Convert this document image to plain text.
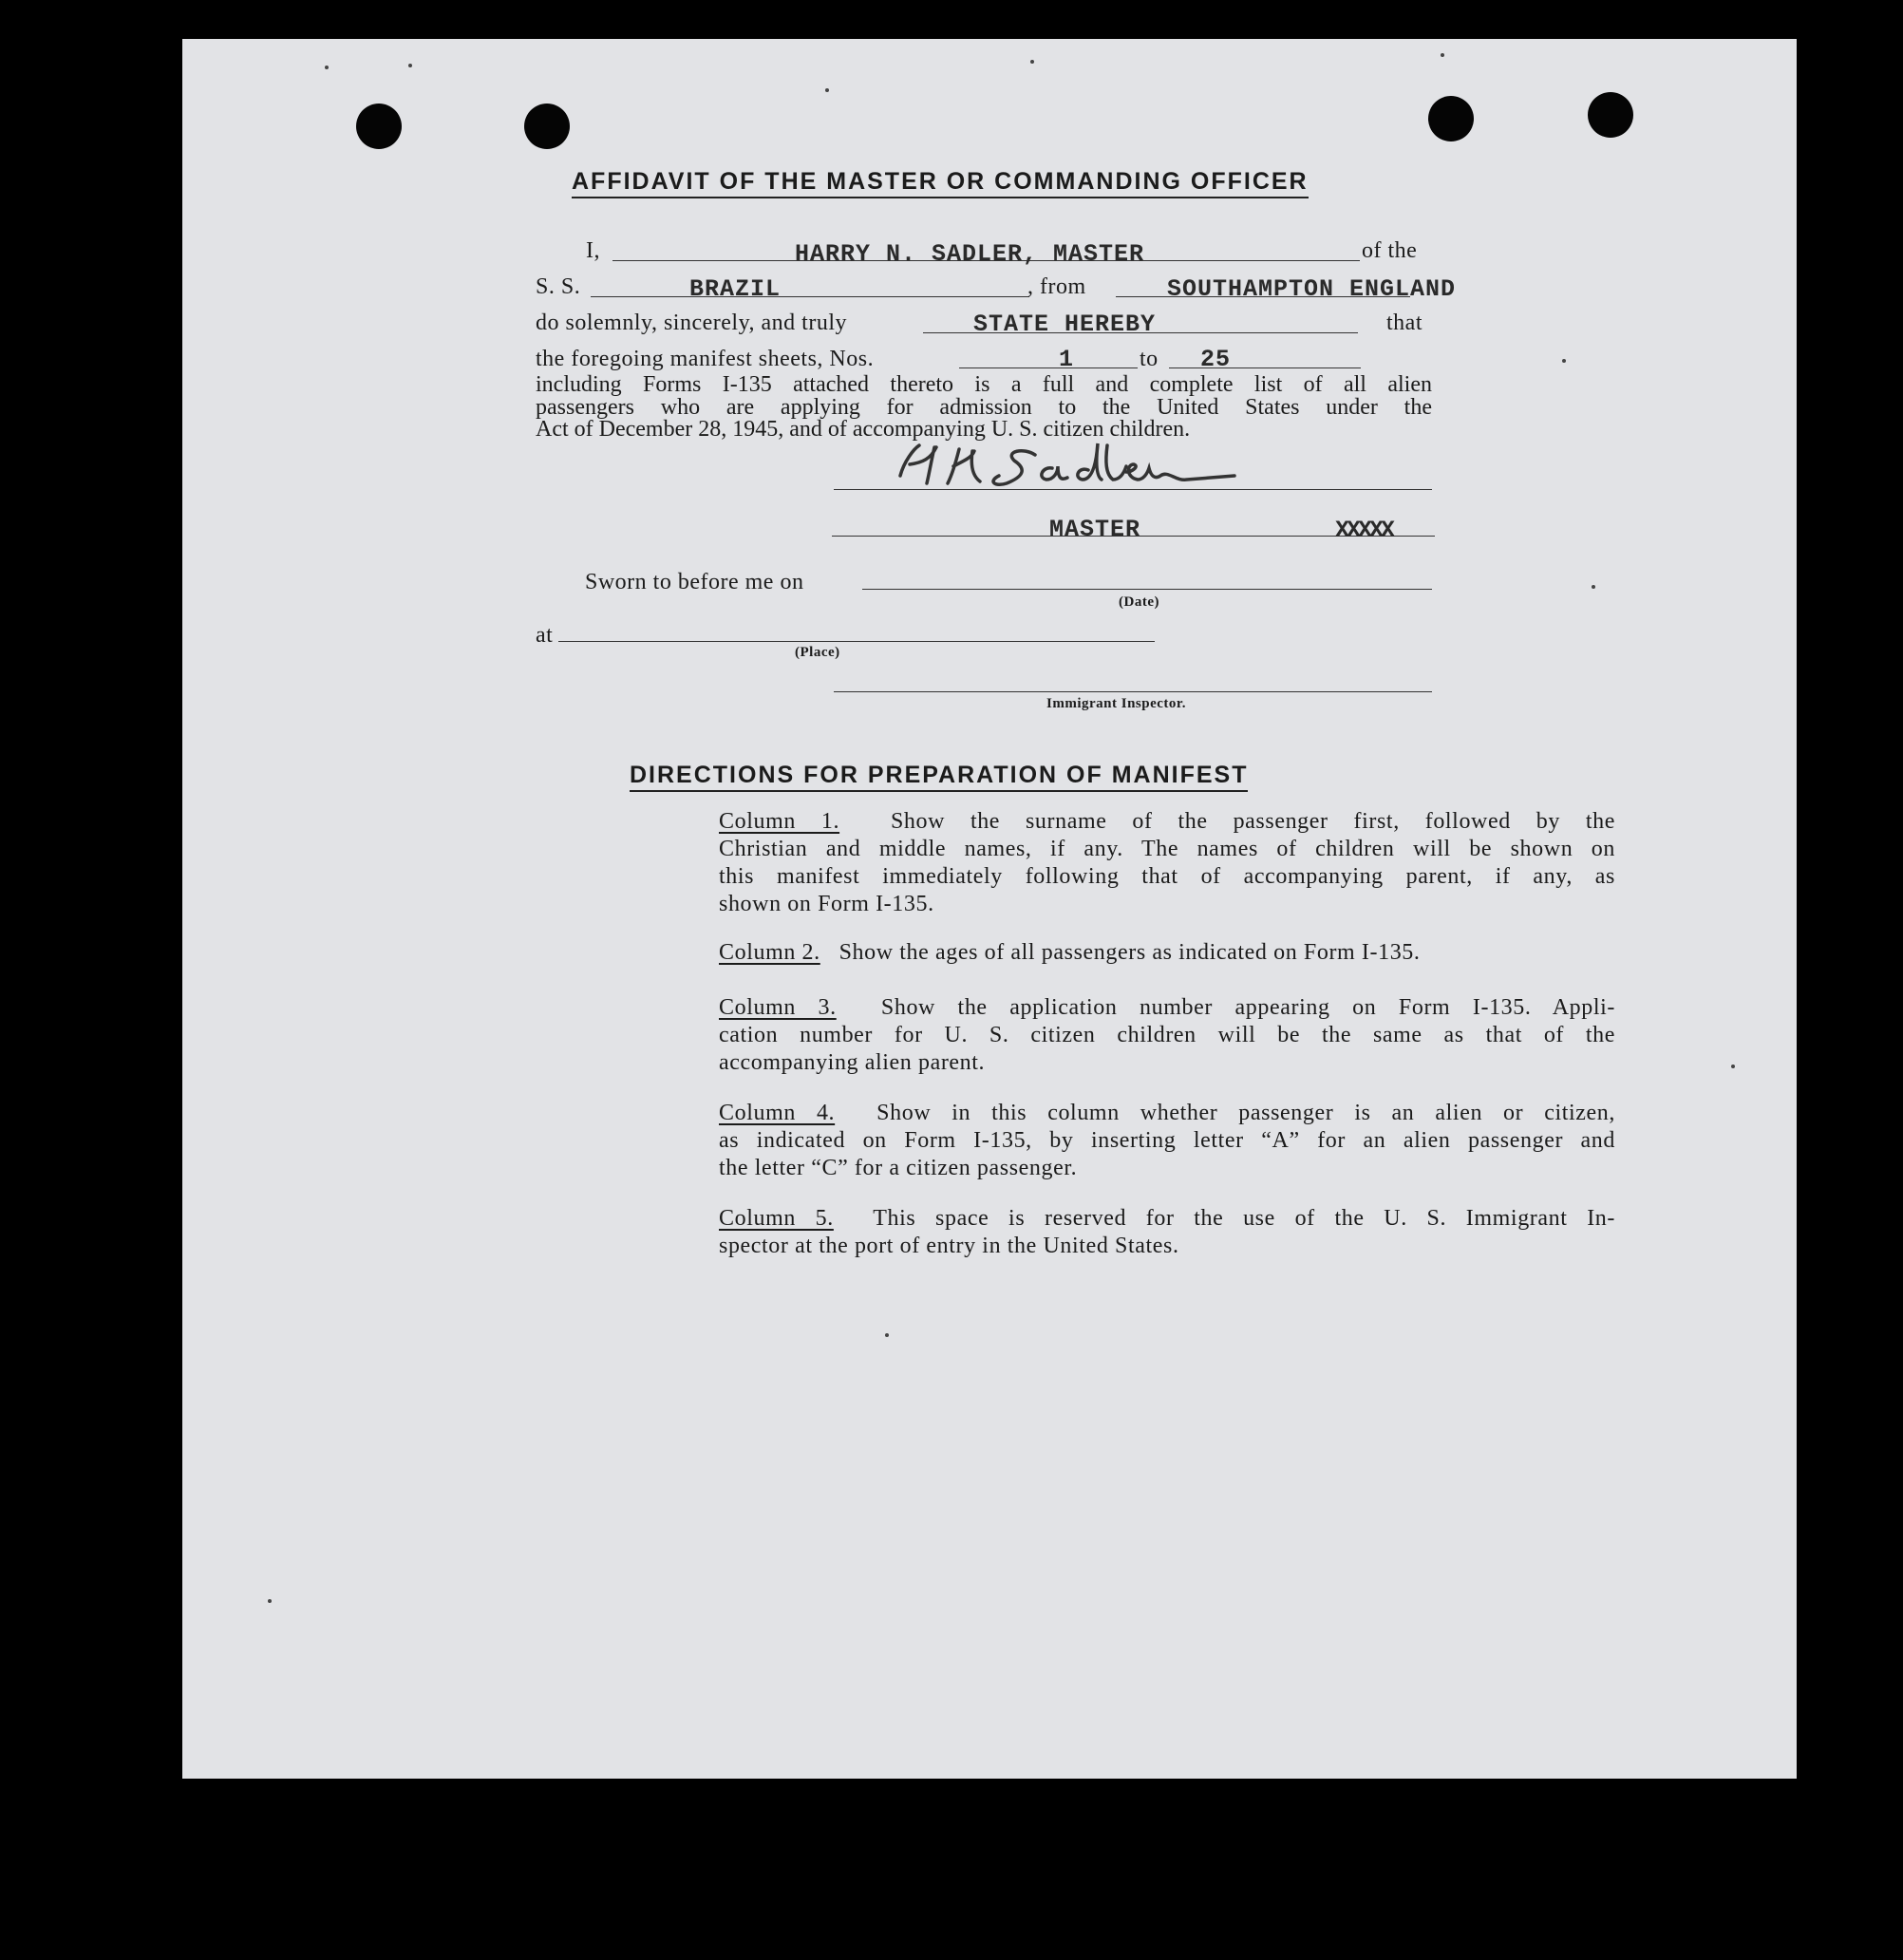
AFFIDAVIT OF THE MASTER OR COMMANDING OFFICER
I,	HARRY N. SADLER, MASTER	of the
S. S.	BRAZIL	, from	SOUTHAMPTON ENGLAND
do solemnly, sincerely, and truly	STATE HEREBY	that
the foregoing manifest sheets, Nos.	1	to 25
including Forms I-135 attached thereto is a full and complete list of all alien
passengers who are applying for admission to the United States under the
Act of December 28, 1945, and of accompanying U. S. citizen children.
MASTER	XXXXX
Sworn to before me on
(Date)
at
(Place)
Immigrant Inspector.
DIRECTIONS FOR PREPARATION OF MANIFEST
Column 1. Show the surname of the passenger first, followed by the
Christian and middle names, if any. The names of children will be shown on
this manifest immediately following that of accompanying parent, if any, as
shown on Form I-135.
Column 2. Show the ages of all passengers as indicated on Form I-135.
Column 3. Show the application number appearing on Form I-135. Appli-
cation number for U. S. citizen children will be the same as that of the
accompanying alien parent.
Column 4. Show in this column whether passenger is an alien or citizen,
as indicated on Form I-135, by inserting letter “A” for an alien passenger and
the letter “C” for a citizen passenger.
Column 5. This space is reserved for the use of the U. S. Immigrant In-
spector at the port of entry in the United States.
